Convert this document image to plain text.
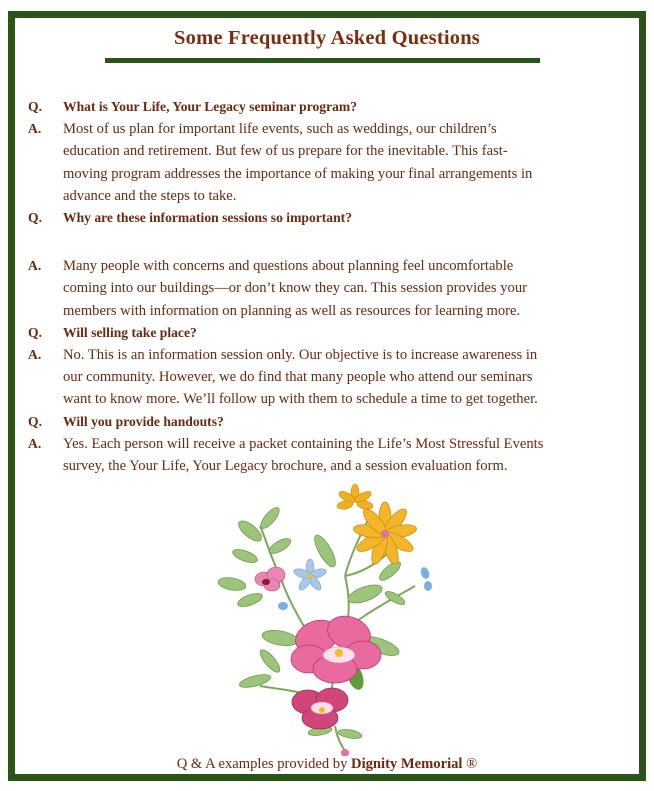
Some Frequently Asked Questions
Q.	What is Your Life, Your Legacy seminar program?
A.	Most of us plan for important life events, such as weddings, our children’s
education and retirement. But few of us prepare for the inevitable. This fast-
moving program addresses the importance of making your final arrangements in
advance and the steps to take.
Q.	Why are these information sessions so important?
A.	Many people with concerns and questions about planning feel uncomfortable
coming into our buildings—or don’t know they can. This session provides your
members with information on planning as well as resources for learning more.
Q.	Will selling take place?
A.	No. This is an information session only. Our objective is to increase awareness in
our community. However, we do find that many people who attend our seminars
want to know more. We’ll follow up with them to schedule a time to get together.
Q.	Will you provide handouts?
A.	Yes. Each person will receive a packet containing the Life’s Most Stressful Events
survey, the Your Life, Your Legacy brochure, and a session evaluation form.
Q & A examples provided by Dignity Memorial ®
